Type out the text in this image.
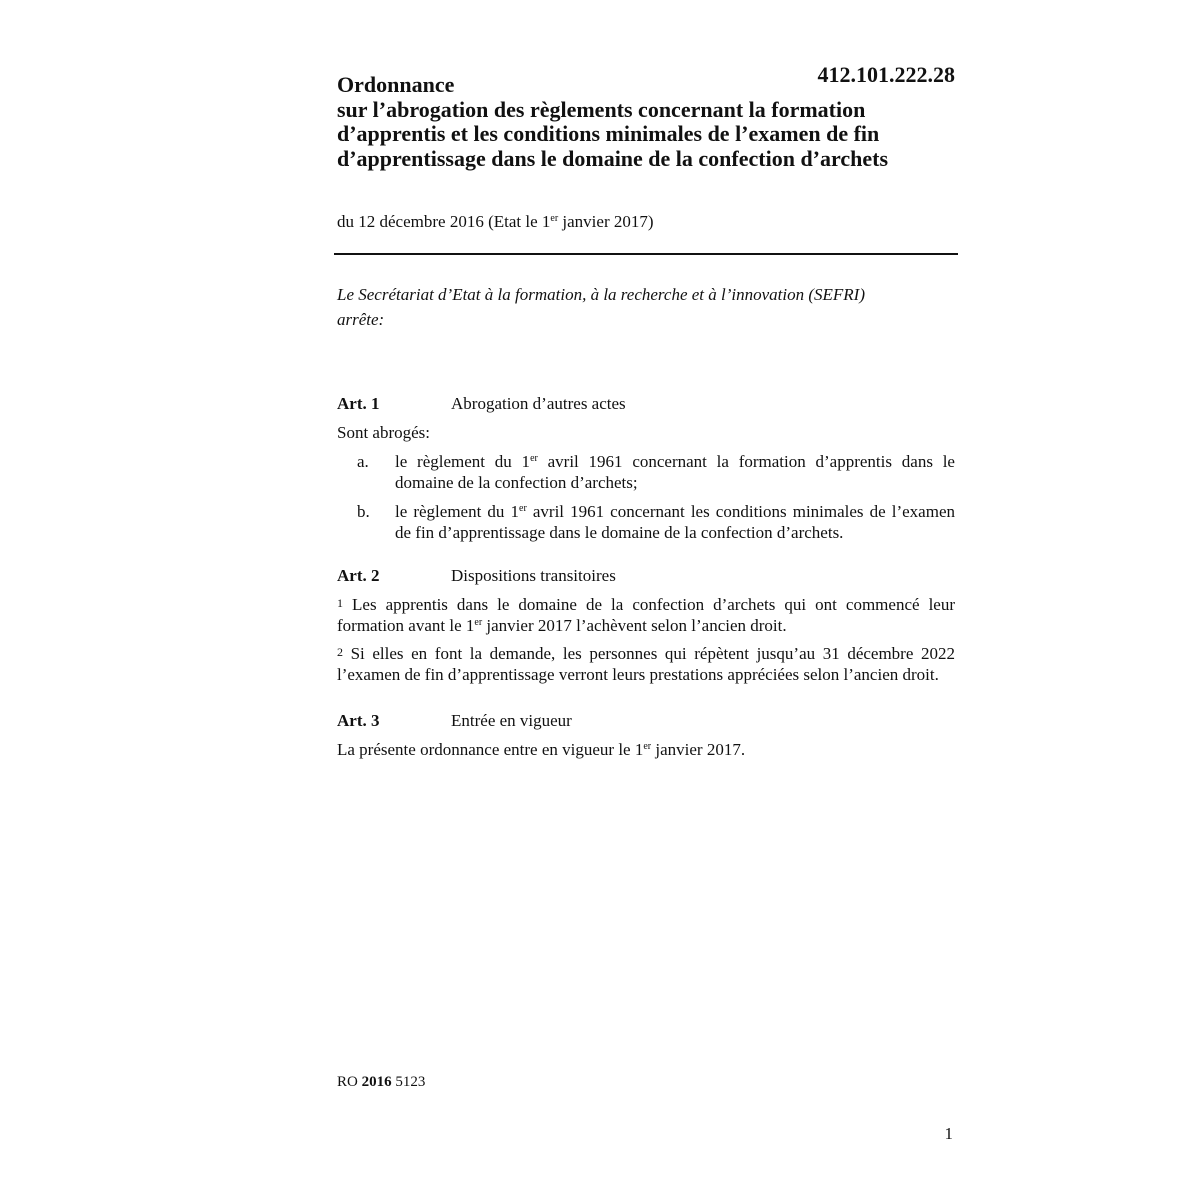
412.101.222.28
Ordonnance
sur l’abrogation des règlements concernant la formation
d’apprentis et les conditions minimales de l’examen de fin
d’apprentissage dans le domaine de la confection d’archets
du 12 décembre 2016 (Etat le 1er janvier 2017)
Le Secrétariat d’Etat à la formation, à la recherche et à l’innovation (SEFRI)
arrête:
Art. 1	Abrogation d’autres actes
Sont abrogés:
a.	le règlement du 1er avril 1961 concernant la formation d’apprentis dans le domaine de la confection d’archets;
b.	le règlement du 1er avril 1961 concernant les conditions minimales de l’examen de fin d’apprentissage dans le domaine de la confection d’archets.
Art. 2	Dispositions transitoires
1 Les apprentis dans le domaine de la confection d’archets qui ont commencé leur formation avant le 1er janvier 2017 l’achèvent selon l’ancien droit.
2 Si elles en font la demande, les personnes qui répètent jusqu’au 31 décembre 2022 l’examen de fin d’apprentissage verront leurs prestations appréciées selon l’ancien droit.
Art. 3	Entrée en vigueur
La présente ordonnance entre en vigueur le 1er janvier 2017.
RO 2016 5123
1
